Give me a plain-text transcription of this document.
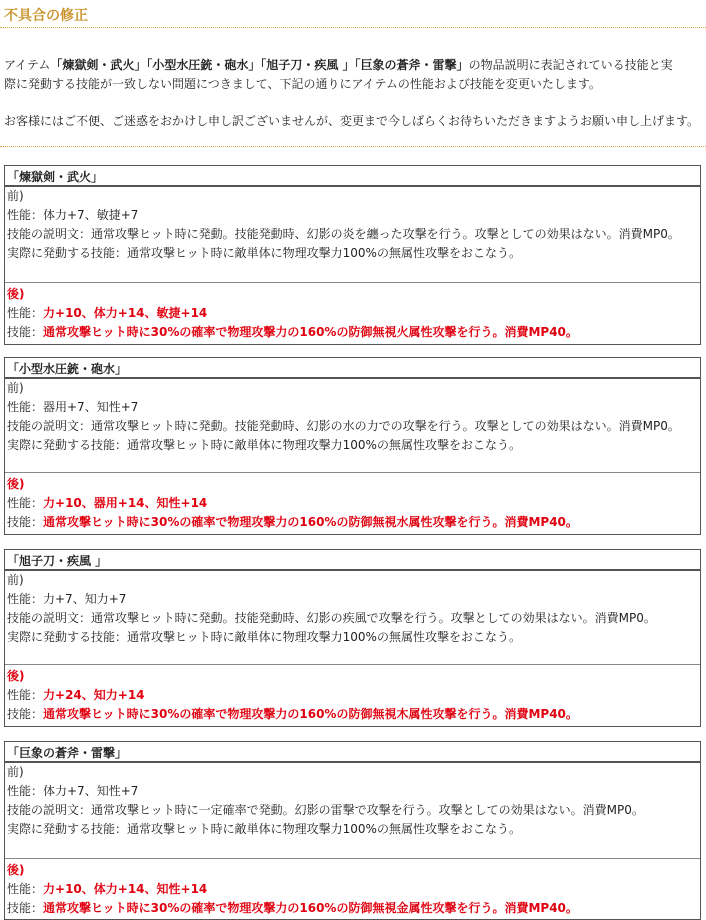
不具合の修正
アイテム「煉獄剣・武火」「小型水圧銃・砲水」「旭子刀・疾風 」「巨象の蒼斧・雷撃」の物品説明に表記されている技能と実
際に発動する技能が一致しない問題につきまして、下記の通りにアイテムの性能および技能を変更いたします。
お客様にはご不便、ご迷惑をおかけし申し訳ございませんが、変更まで今しばらくお待ちいただきますようお願い申し上げます。
「煉獄剣・武火」
前)
性能：体力+7、敏捷+7
技能の説明文：通常攻撃ヒット時に発動。技能発動時、幻影の炎を纏った攻撃を行う。攻撃としての効果はない。消費MP0。
実際に発動する技能：通常攻撃ヒット時に敵単体に物理攻撃力100%の無属性攻撃をおこなう。
後)
性能：力+10、体力+14、敏捷+14
技能：通常攻撃ヒット時に30%の確率で物理攻撃力の160%の防御無視火属性攻撃を行う。消費MP40。
「小型水圧銃・砲水」
前)
性能：器用+7、知性+7
技能の説明文：通常攻撃ヒット時に発動。技能発動時、幻影の水の力での攻撃を行う。攻撃としての効果はない。消費MP0。
実際に発動する技能：通常攻撃ヒット時に敵単体に物理攻撃力100%の無属性攻撃をおこなう。
後)
性能：力+10、器用+14、知性+14
技能：通常攻撃ヒット時に30%の確率で物理攻撃力の160%の防御無視水属性攻撃を行う。消費MP40。
「旭子刀・疾風 」
前)
性能：力+7、知力+7
技能の説明文：通常攻撃ヒット時に発動。技能発動時、幻影の疾風で攻撃を行う。攻撃としての効果はない。消費MP0。
実際に発動する技能：通常攻撃ヒット時に敵単体に物理攻撃力100%の無属性攻撃をおこなう。
後)
性能：力+24、知力+14
技能：通常攻撃ヒット時に30%の確率で物理攻撃力の160%の防御無視木属性攻撃を行う。消費MP40。
「巨象の蒼斧・雷撃」
前)
性能：体力+7、知性+7
技能の説明文：通常攻撃ヒット時に一定確率で発動。幻影の雷撃で攻撃を行う。攻撃としての効果はない。消費MP0。
実際に発動する技能：通常攻撃ヒット時に敵単体に物理攻撃力100%の無属性攻撃をおこなう。
後)
性能：力+10、体力+14、知性+14
技能：通常攻撃ヒット時に30%の確率で物理攻撃力の160%の防御無視金属性攻撃を行う。消費MP40。
